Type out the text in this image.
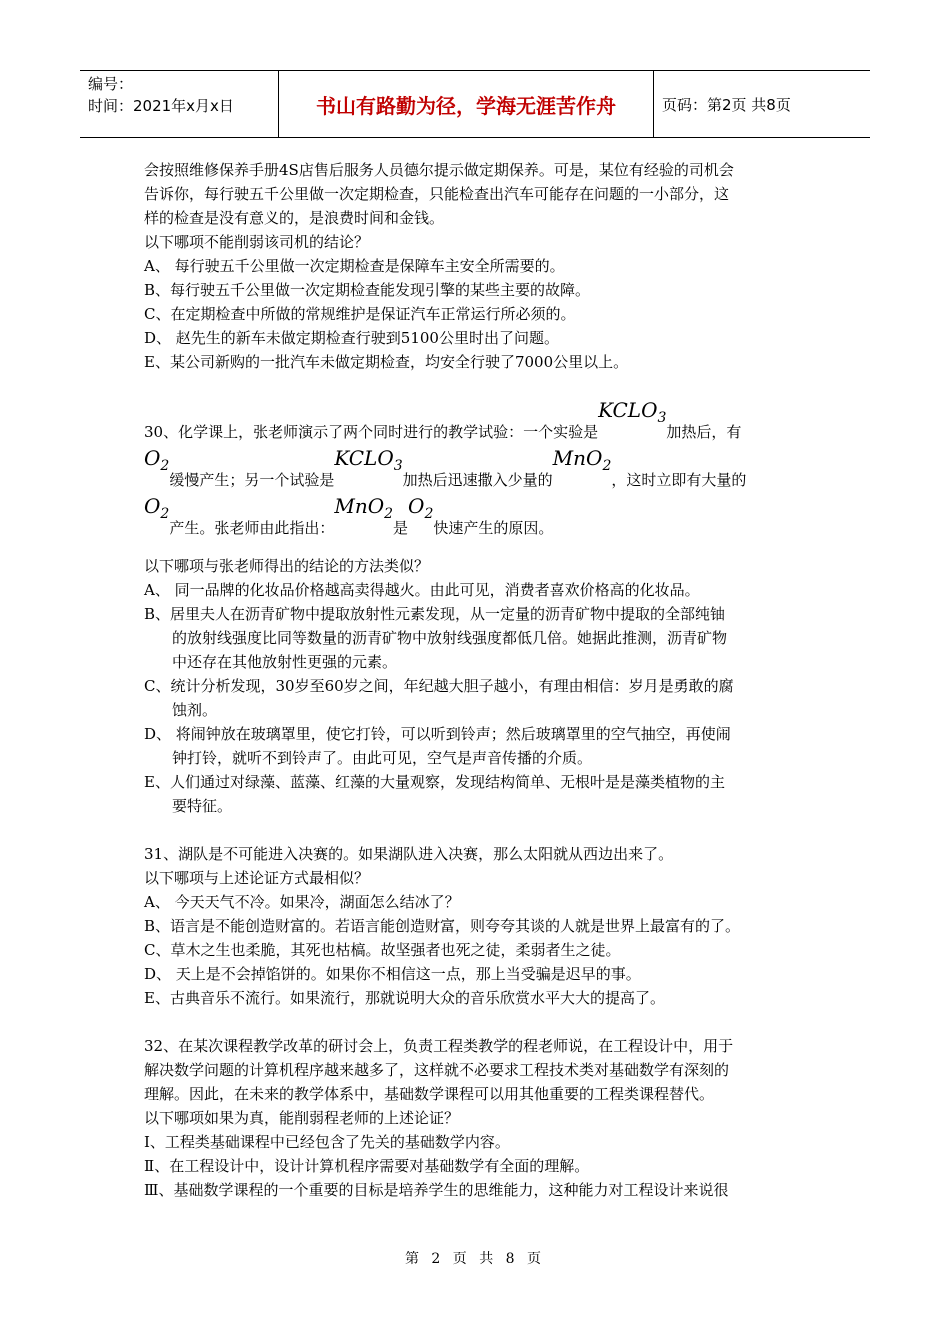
编号：
时间：2021年x月x日	书山有路勤为径，学海无涯苦作舟	页码：第2页 共8页
会按照维修保养手册4S店售后服务人员德尔提示做定期保养。可是，某位有经验的司机会
告诉你，每行驶五千公里做一次定期检查，只能检查出汽车可能存在问题的一小部分，这
样的检查是没有意义的，是浪费时间和金钱。
以下哪项不能削弱该司机的结论？
A、 每行驶五千公里做一次定期检查是保障车主安全所需要的。
B、每行驶五千公里做一次定期检查能发现引擎的某些主要的故障。
C、在定期检查中所做的常规维护是保证汽车正常运行所必须的。
D、 赵先生的新车未做定期检查行驶到5100公里时出了问题。
E、某公司新购的一批汽车未做定期检查，均安全行驶了7000公里以上。
30、化学课上，张老师演示了两个同时进行的教学试验：一个实验是
$KCLO_3$
加热后，有
$O_2$
缓慢产生；另一个试验是
$KCLO_3$
加热后迅速撒入少量的
MnO$_2$
，这时立即有大量的
$O_2$
产生。张老师由此指出：
MnO$_2$
是
$O_2$
快速产生的原因。
以下哪项与张老师得出的结论的方法类似？
A、 同一品牌的化妆品价格越高卖得越火。由此可见，消费者喜欢价格高的化妆品。
B、居里夫人在沥青矿物中提取放射性元素发现，从一定量的沥青矿物中提取的全部纯铀
的放射线强度比同等数量的沥青矿物中放射线强度都低几倍。她据此推测，沥青矿物
中还存在其他放射性更强的元素。
C、统计分析发现，30岁至60岁之间，年纪越大胆子越小，有理由相信：岁月是勇敢的腐
蚀剂。
D、 将闹钟放在玻璃罩里，使它打铃，可以听到铃声；然后玻璃罩里的空气抽空，再使闹
钟打铃，就听不到铃声了。由此可见，空气是声音传播的介质。
E、人们通过对绿藻、蓝藻、红藻的大量观察，发现结构简单、无根叶是是藻类植物的主
要特征。
31、湖队是不可能进入决赛的。如果湖队进入决赛，那么太阳就从西边出来了。
以下哪项与上述论证方式最相似？
A、 今天天气不冷。如果冷，湖面怎么结冰了？
B、语言是不能创造财富的。若语言能创造财富，则夸夸其谈的人就是世界上最富有的了。
C、草木之生也柔脆，其死也枯槁。故坚强者也死之徒，柔弱者生之徒。
D、 天上是不会掉馅饼的。如果你不相信这一点，那上当受骗是迟早的事。
E、古典音乐不流行。如果流行，那就说明大众的音乐欣赏水平大大的提高了。
32、在某次课程教学改革的研讨会上，负责工程类教学的程老师说，在工程设计中，用于
解决数学问题的计算机程序越来越多了，这样就不必要求工程技术类对基础数学有深刻的
理解。因此，在未来的教学体系中，基础数学课程可以用其他重要的工程类课程替代。
以下哪项如果为真，能削弱程老师的上述论证？
Ⅰ、工程类基础课程中已经包含了先关的基础数学内容。
Ⅱ、在工程设计中，设计计算机程序需要对基础数学有全面的理解。
Ⅲ、基础数学课程的一个重要的目标是培养学生的思维能力，这种能力对工程设计来说很
第 2 页 共 8 页
